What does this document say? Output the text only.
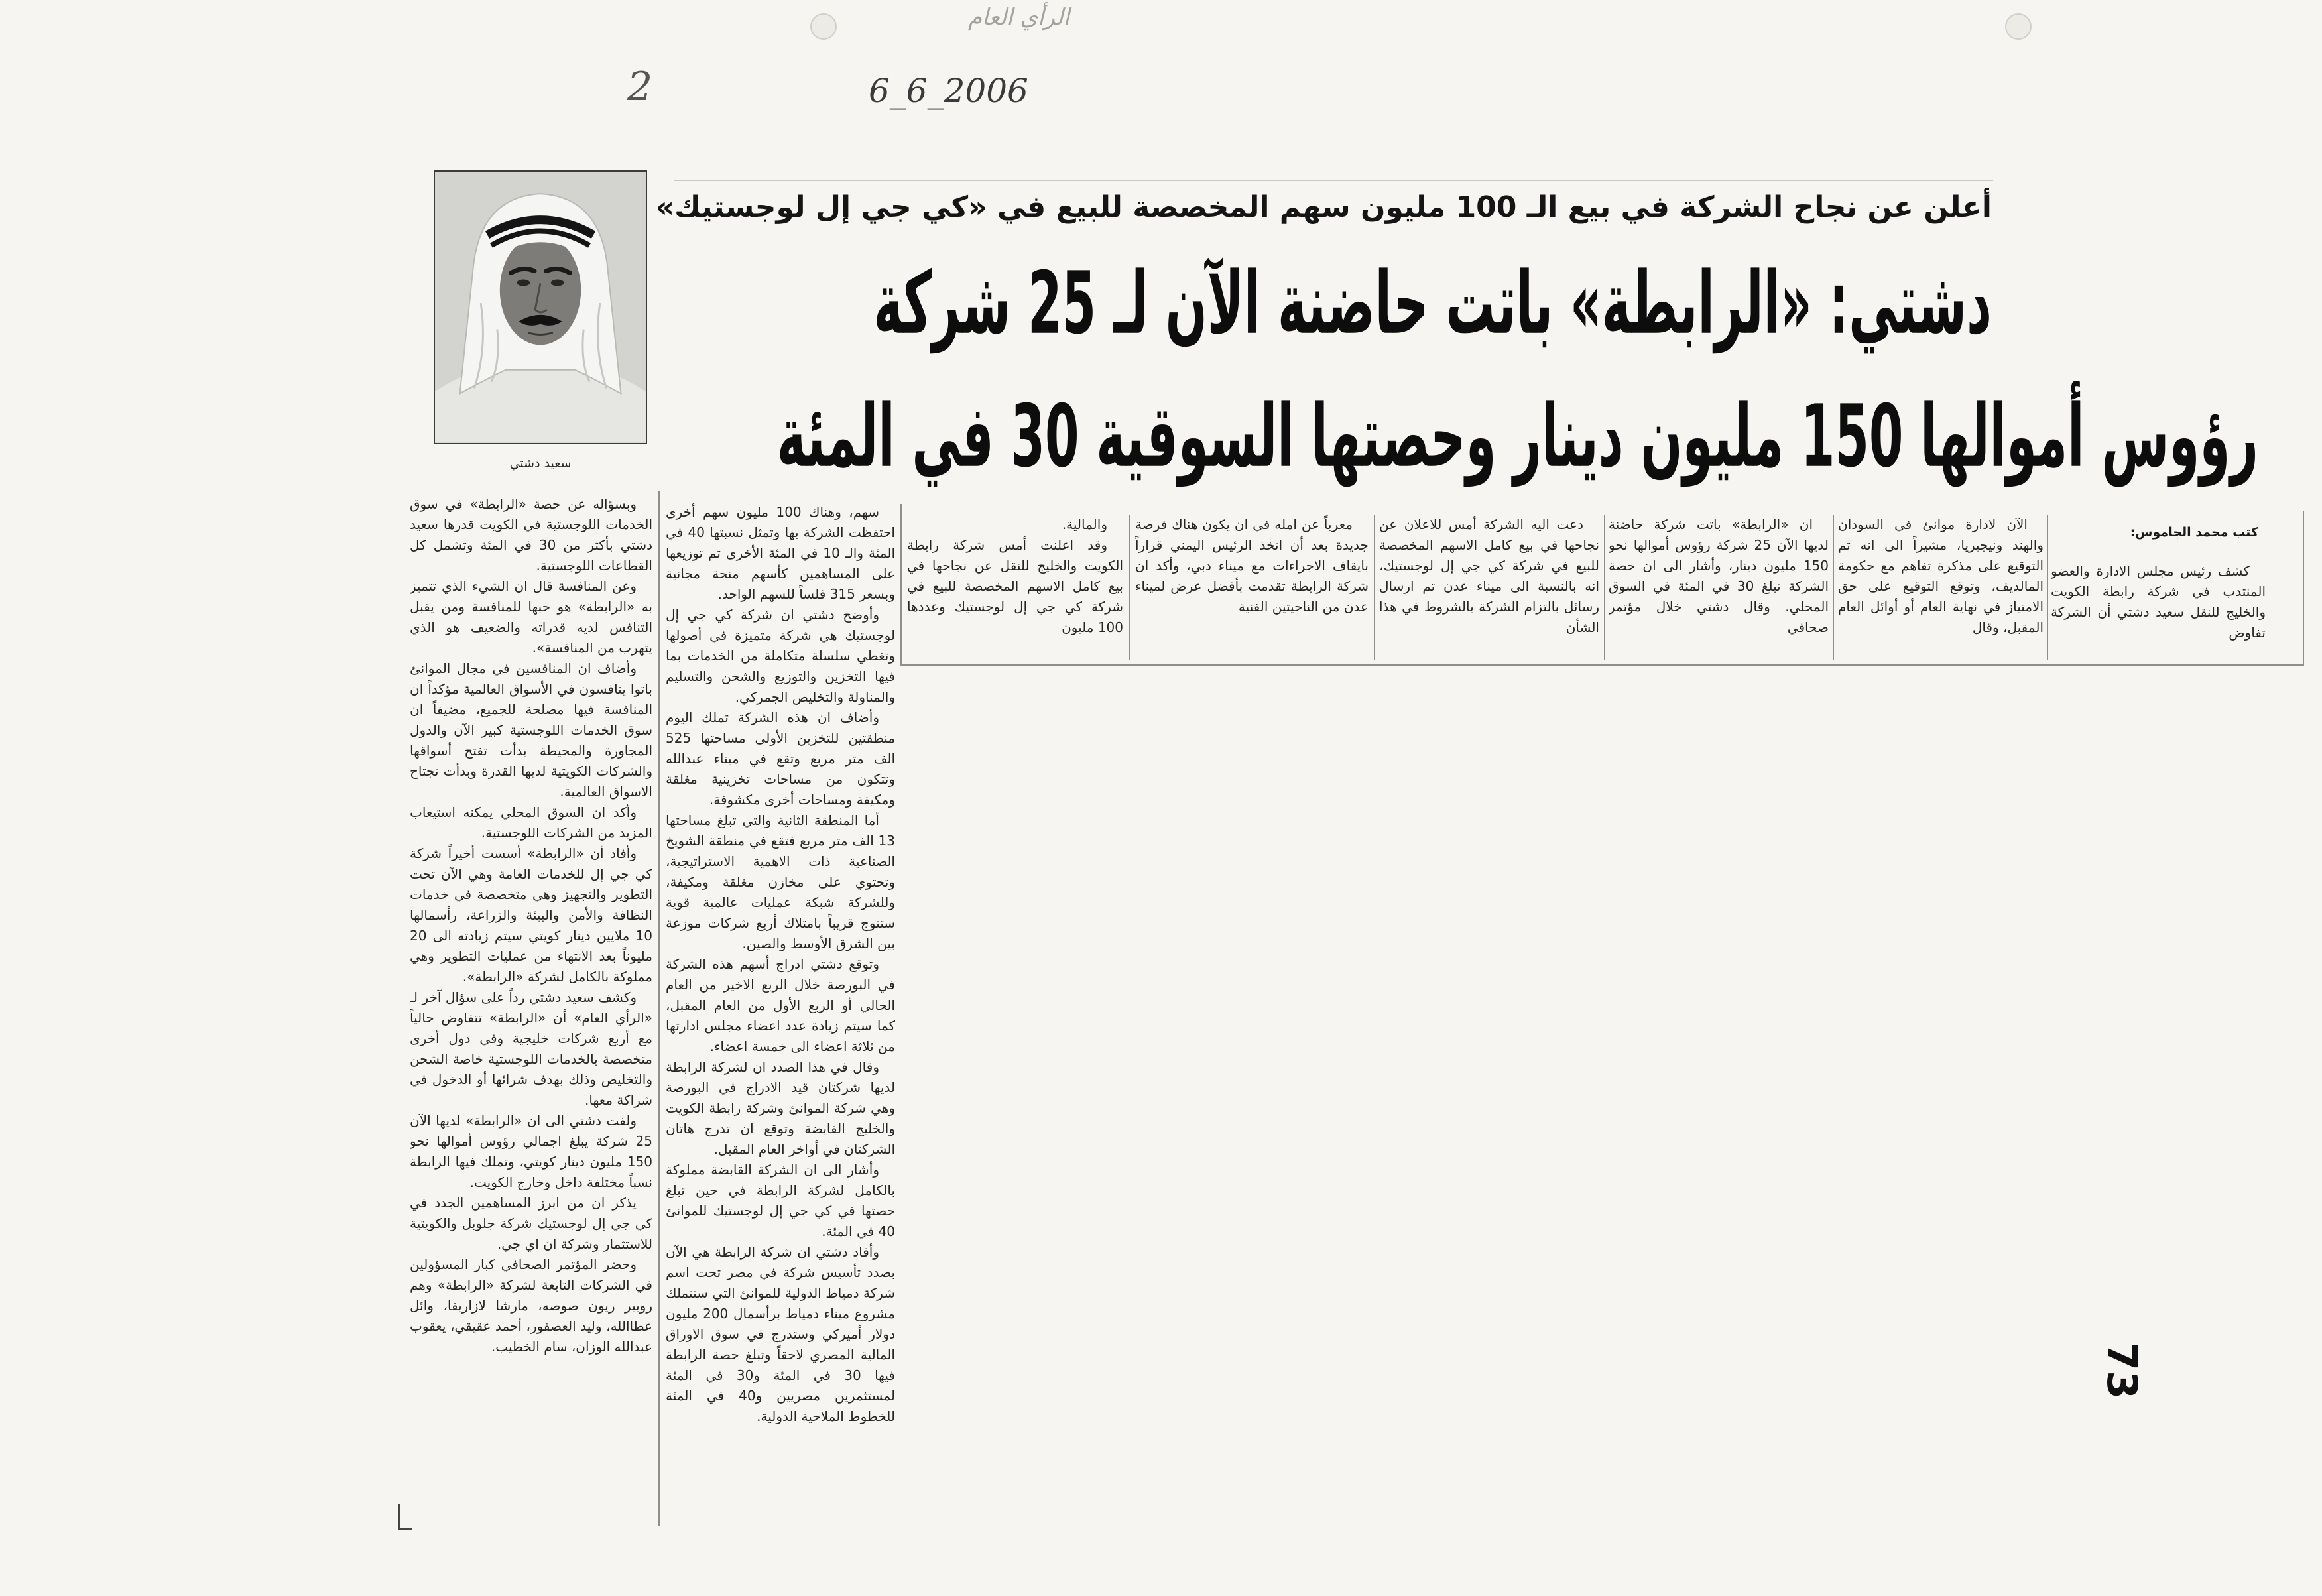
الرأي العام
2	6_6_2006
سعيد دشتي
أعلن عن نجاح الشركة في بيع الـ 100 مليون سهم المخصصة للبيع في «كي جي إل لوجستيك»
دشتي: «الرابطة» باتت حاضنة الآن لـ 25 شركة
رؤوس أموالها 150 مليون دينار وحصتها السوقية 30 في المئة
كتب محمد الجاموس:

كشف رئيس مجلس الادارة والعضو المنتدب في شركة رابطة الكويت والخليج للنقل سعيد دشتي أن الشركة تفاوض

الآن لادارة موانئ في السودان والهند ونيجيريا، مشيراً الى انه تم التوقيع على مذكرة تفاهم مع حكومة المالديف، وتوقع التوقيع على حق الامتياز في نهاية العام أو أوائل العام المقبل، وقال

ان «الرابطة» باتت شركة حاضنة لديها الآن 25 شركة رؤوس أموالها نحو 150 مليون دينار، وأشار الى ان حصة الشركة تبلغ 30 في المئة في السوق المحلي. وقال دشتي خلال مؤتمر صحافي

دعت اليه الشركة أمس للاعلان عن نجاحها في بيع كامل الاسهم المخصصة للبيع في شركة كي جي إل لوجستيك، انه بالنسبة الى ميناء عدن تم ارسال رسائل بالتزام الشركة بالشروط في هذا الشأن

معرباً عن امله في ان يكون هناك فرصة جديدة بعد أن اتخذ الرئيس اليمني قراراً بايقاف الاجراءات مع ميناء دبي، وأكد ان شركة الرابطة تقدمت بأفضل عرض لميناء عدن من الناحيتين الفنية

والمالية.

وقد اعلنت أمس شركة رابطة الكويت والخليج للنقل عن نجاحها في بيع كامل الاسهم المخصصة للبيع في شركة كي جي إل لوجستيك وعددها 100 مليون

سهم، وهناك 100 مليون سهم أخرى احتفظت الشركة بها وتمثل نسبتها 40 في المئة والـ 10 في المئة الأخرى تم توزيعها على المساهمين كأسهم منحة مجانية وبسعر 315 فلساً للسهم الواحد.

وأوضح دشتي ان شركة كي جي إل لوجستيك هي شركة متميزة في أصولها وتغطي سلسلة متكاملة من الخدمات بما فيها التخزين والتوزيع والشحن والتسليم والمناولة والتخليص الجمركي.

وأضاف ان هذه الشركة تملك اليوم منطقتين للتخزين الأولى مساحتها 525 الف متر مربع وتقع في ميناء عبدالله وتتكون من مساحات تخزينية مغلقة ومكيفة ومساحات أخرى مكشوفة.

أما المنطقة الثانية والتي تبلغ مساحتها 13 الف متر مربع فتقع في منطقة الشويخ الصناعية ذات الاهمية الاستراتيجية، وتحتوي على مخازن مغلقة ومكيفة، وللشركة شبكة عمليات عالمية قوية ستتوج قريباً بامتلاك أربع شركات موزعة بين الشرق الأوسط والصين.

وتوقع دشتي ادراج أسهم هذه الشركة في البورصة خلال الربع الاخير من العام الحالي أو الربع الأول من العام المقبل، كما سيتم زيادة عدد اعضاء مجلس ادارتها من ثلاثة اعضاء الى خمسة اعضاء.

وقال في هذا الصدد ان لشركة الرابطة لديها شركتان قيد الادراج في البورصة وهي شركة الموانئ وشركة رابطة الكويت والخليج القابضة وتوقع ان تدرج هاتان الشركتان في أواخر العام المقبل.

وأشار الى ان الشركة القابضة مملوكة بالكامل لشركة الرابطة في حين تبلغ حصتها في كي جي إل لوجستيك للموانئ 40 في المئة.

وأفاد دشتي ان شركة الرابطة هي الآن بصدد تأسيس شركة في مصر تحت اسم شركة دمياط الدولية للموانئ التي ستتملك مشروع ميناء دمياط برأسمال 200 مليون دولار أميركي وستدرج في سوق الاوراق المالية المصري لاحقاً وتبلغ حصة الرابطة فيها 30 في المئة و30 في المئة لمستثمرين مصريين و40 في المئة للخطوط الملاحية الدولية.

وبسؤاله عن حصة «الرابطة» في سوق الخدمات اللوجستية في الكويت قدرها سعيد دشتي بأكثر من 30 في المئة وتشمل كل القطاعات اللوجستية.

وعن المنافسة قال ان الشيء الذي تتميز به «الرابطة» هو حبها للمنافسة ومن يقبل التنافس لديه قدراته والضعيف هو الذي يتهرب من المنافسة».

وأضاف ان المنافسين في مجال الموانئ باتوا ينافسون في الأسواق العالمية مؤكداً ان المنافسة فيها مصلحة للجميع، مضيفاً ان سوق الخدمات اللوجستية كبير الآن والدول المجاورة والمحيطة بدأت تفتح أسواقها والشركات الكويتية لديها القدرة وبدأت تجتاح الاسواق العالمية.

وأكد ان السوق المحلي يمكنه استيعاب المزيد من الشركات اللوجستية.

وأفاد أن «الرابطة» أسست أخيراً شركة كي جي إل للخدمات العامة وهي الآن تحت التطوير والتجهيز وهي متخصصة في خدمات النظافة والأمن والبيئة والزراعة، رأسمالها 10 ملايين دينار كويتي سيتم زيادته الى 20 مليوناً بعد الانتهاء من عمليات التطوير وهي مملوكة بالكامل لشركة «الرابطة».

وكشف سعيد دشتي رداً على سؤال آخر لـ «الرأي العام» أن «الرابطة» تتفاوض حالياً مع أربع شركات خليجية وفي دول أخرى متخصصة بالخدمات اللوجستية خاصة الشحن والتخليص وذلك بهدف شرائها أو الدخول في شراكة معها.

ولفت دشتي الى ان «الرابطة» لديها الآن 25 شركة يبلغ اجمالي رؤوس أموالها نحو 150 مليون دينار كويتي، وتملك فيها الرابطة نسباً مختلفة داخل وخارج الكويت.

يذكر ان من ابرز المساهمين الجدد في كي جي إل لوجستيك شركة جلوبل والكويتية للاستثمار وشركة ان اي جي.

وحضر المؤتمر الصحافي كبار المسؤولين في الشركات التابعة لشركة «الرابطة» وهم روبير ريون صوصه، مارشا لازاريفا، وائل عطاالله، وليد العصفور، أحمد عقيقي، يعقوب عبدالله الوزان، سام الخطيب.	73
